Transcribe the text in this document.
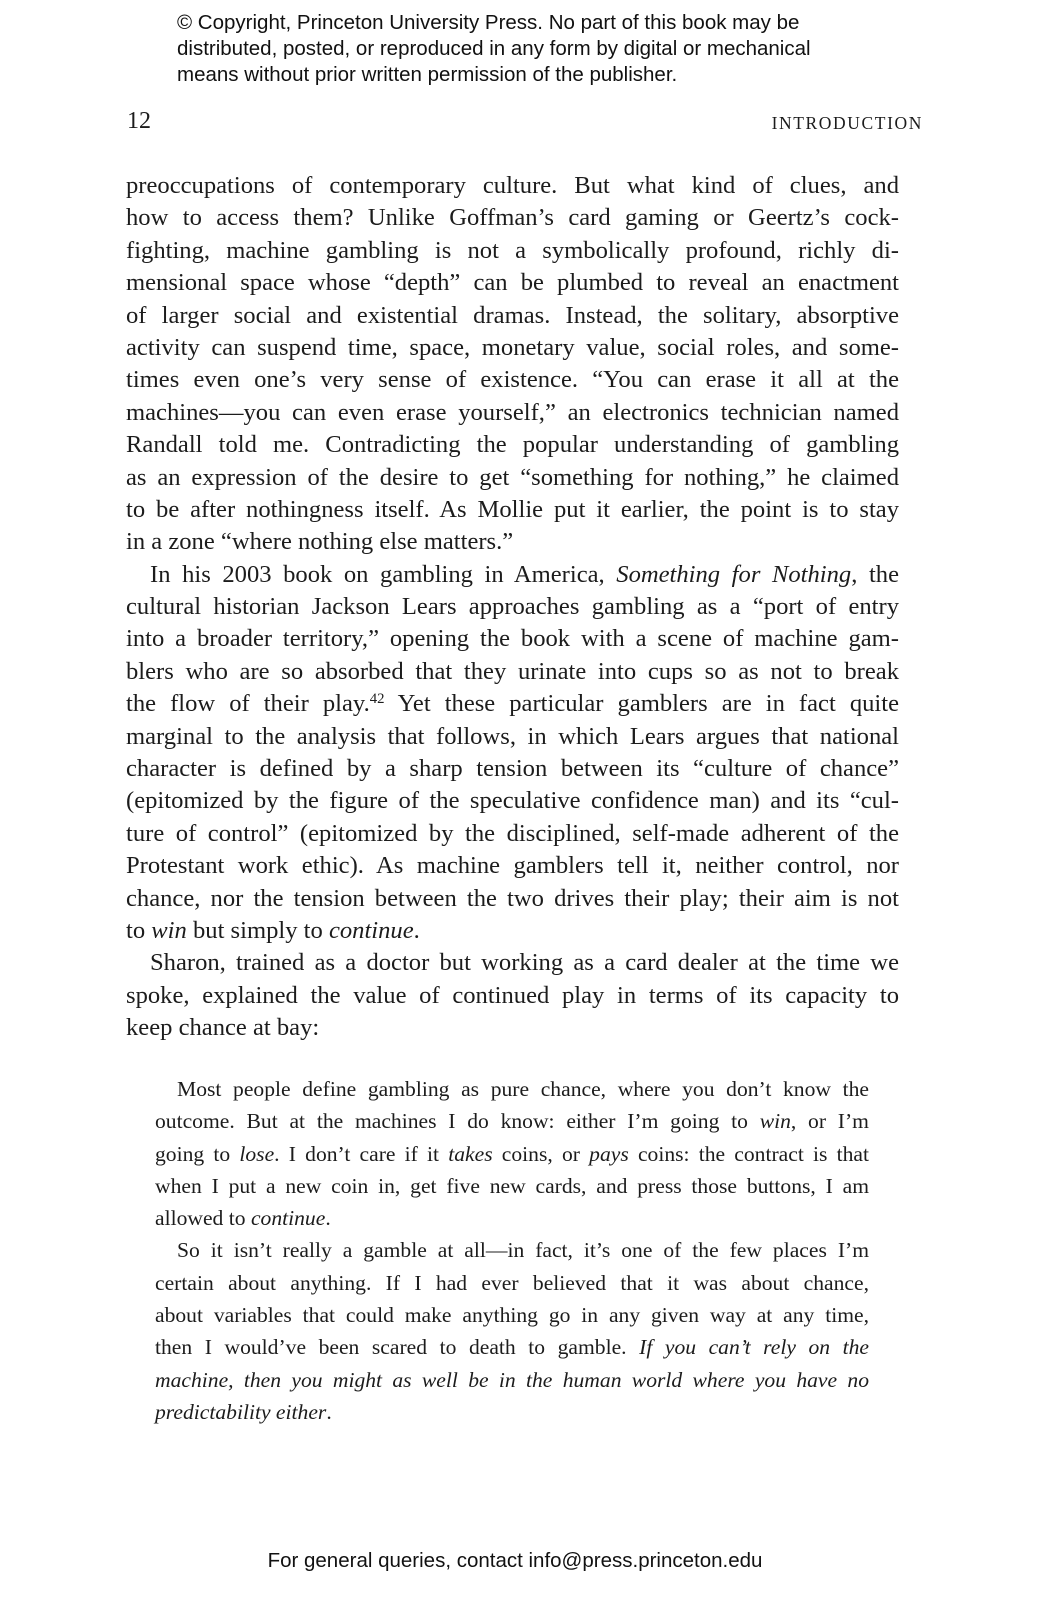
© Copyright, Princeton University Press. No part of this book may be
distributed, posted, or reproduced in any form by digital or mechanical
means without prior written permission of the publisher.
12	INTRODUCTION
preoccupations of contemporary culture. But what kind of clues, and
how to access them? Unlike Goffman’s card gaming or Geertz’s cock-
fighting, machine gambling is not a symbolically profound, richly di-
mensional space whose “depth” can be plumbed to reveal an enactment
of larger social and existential dramas. Instead, the solitary, absorptive
activity can suspend time, space, monetary value, social roles, and some-
times even one’s very sense of existence. “You can erase it all at the
machines—you can even erase yourself,” an electronics technician named
Randall told me. Contradicting the popular understanding of gambling
as an expression of the desire to get “something for nothing,” he claimed
to be after nothingness itself. As Mollie put it earlier, the point is to stay
in a zone “where nothing else matters.”
In his 2003 book on gambling in America, Something for Nothing, the
cultural historian Jackson Lears approaches gambling as a “port of entry
into a broader territory,” opening the book with a scene of machine gam-
blers who are so absorbed that they urinate into cups so as not to break
the flow of their play.$^{42}$ Yet these particular gamblers are in fact quite
marginal to the analysis that follows, in which Lears argues that national
character is defined by a sharp tension between its “culture of chance”
(epitomized by the figure of the speculative confidence man) and its “cul-
ture of control” (epitomized by the disciplined, self-made adherent of the
Protestant work ethic). As machine gamblers tell it, neither control, nor
chance, nor the tension between the two drives their play; their aim is not
to win but simply to continue.
Sharon, trained as a doctor but working as a card dealer at the time we
spoke, explained the value of continued play in terms of its capacity to
keep chance at bay:
Most people define gambling as pure chance, where you don’t know the
outcome. But at the machines I do know: either I’m going to win, or I’m
going to lose. I don’t care if it takes coins, or pays coins: the contract is that
when I put a new coin in, get five new cards, and press those buttons, I am
allowed to continue.
So it isn’t really a gamble at all—in fact, it’s one of the few places I’m
certain about anything. If I had ever believed that it was about chance,
about variables that could make anything go in any given way at any time,
then I would’ve been scared to death to gamble. If you can’t rely on the
machine, then you might as well be in the human world where you have no
predictability either.
For general queries, contact info@press.princeton.edu
